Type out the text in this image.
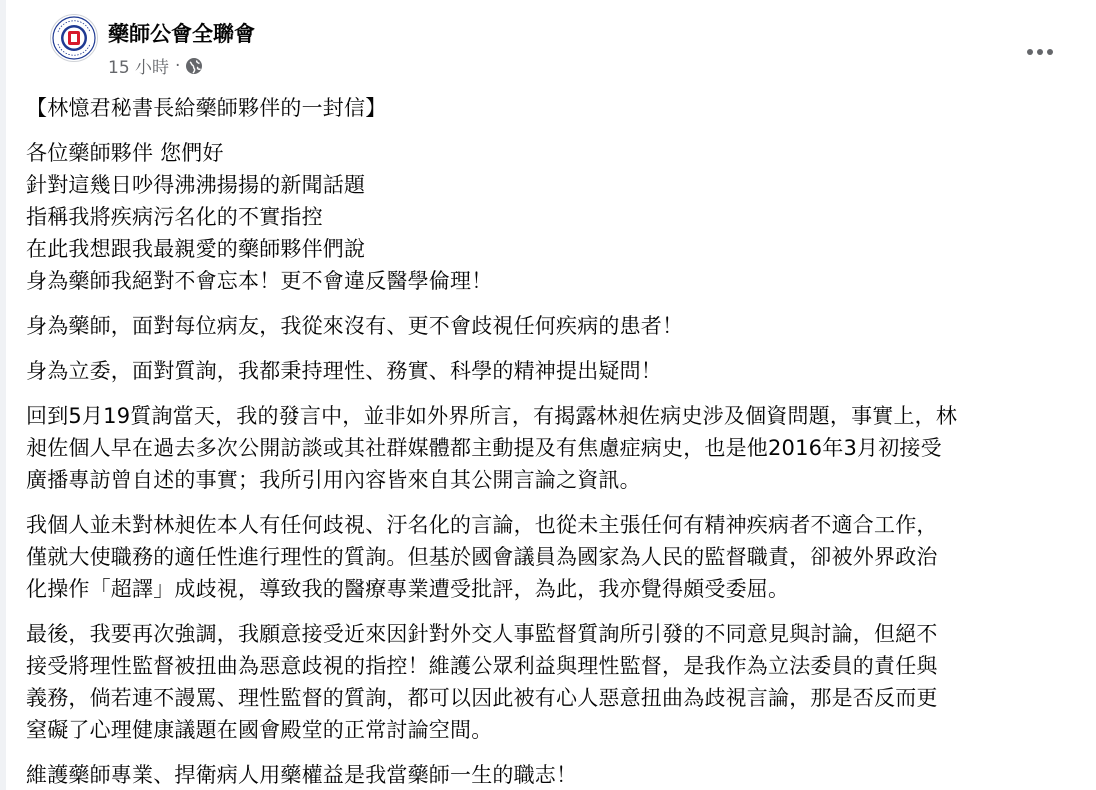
藥師公會全聯會
15 小時 ·

【林憶君秘書長給藥師夥伴的一封信】

各位藥師夥伴 您們好
針對這幾日吵得沸沸揚揚的新聞話題
指稱我將疾病污名化的不實指控
在此我想跟我最親愛的藥師夥伴們說
身為藥師我絕對不會忘本！更不會違反醫學倫理！

身為藥師，面對每位病友，我從來沒有、更不會歧視任何疾病的患者！

身為立委，面對質詢，我都秉持理性、務實、科學的精神提出疑問！

回到5月19質詢當天，我的發言中，並非如外界所言，有揭露林昶佐病史涉及個資問題，事實上，林
昶佐個人早在過去多次公開訪談或其社群媒體都主動提及有焦慮症病史，也是他2016年3月初接受
廣播專訪曾自述的事實；我所引用內容皆來自其公開言論之資訊。

我個人並未對林昶佐本人有任何歧視、汙名化的言論，也從未主張任何有精神疾病者不適合工作，
僅就大使職務的適任性進行理性的質詢。但基於國會議員為國家為人民的監督職責，卻被外界政治
化操作「超譯」成歧視，導致我的醫療專業遭受批評，為此，我亦覺得頗受委屈。

最後，我要再次強調，我願意接受近來因針對外交人事監督質詢所引發的不同意見與討論，但絕不
接受將理性監督被扭曲為惡意歧視的指控！維護公眾利益與理性監督，是我作為立法委員的責任與
義務，倘若連不謾罵、理性監督的質詢，都可以因此被有心人惡意扭曲為歧視言論，那是否反而更
窒礙了心理健康議題在國會殿堂的正常討論空間。

維護藥師專業、捍衛病人用藥權益是我當藥師一生的職志！
